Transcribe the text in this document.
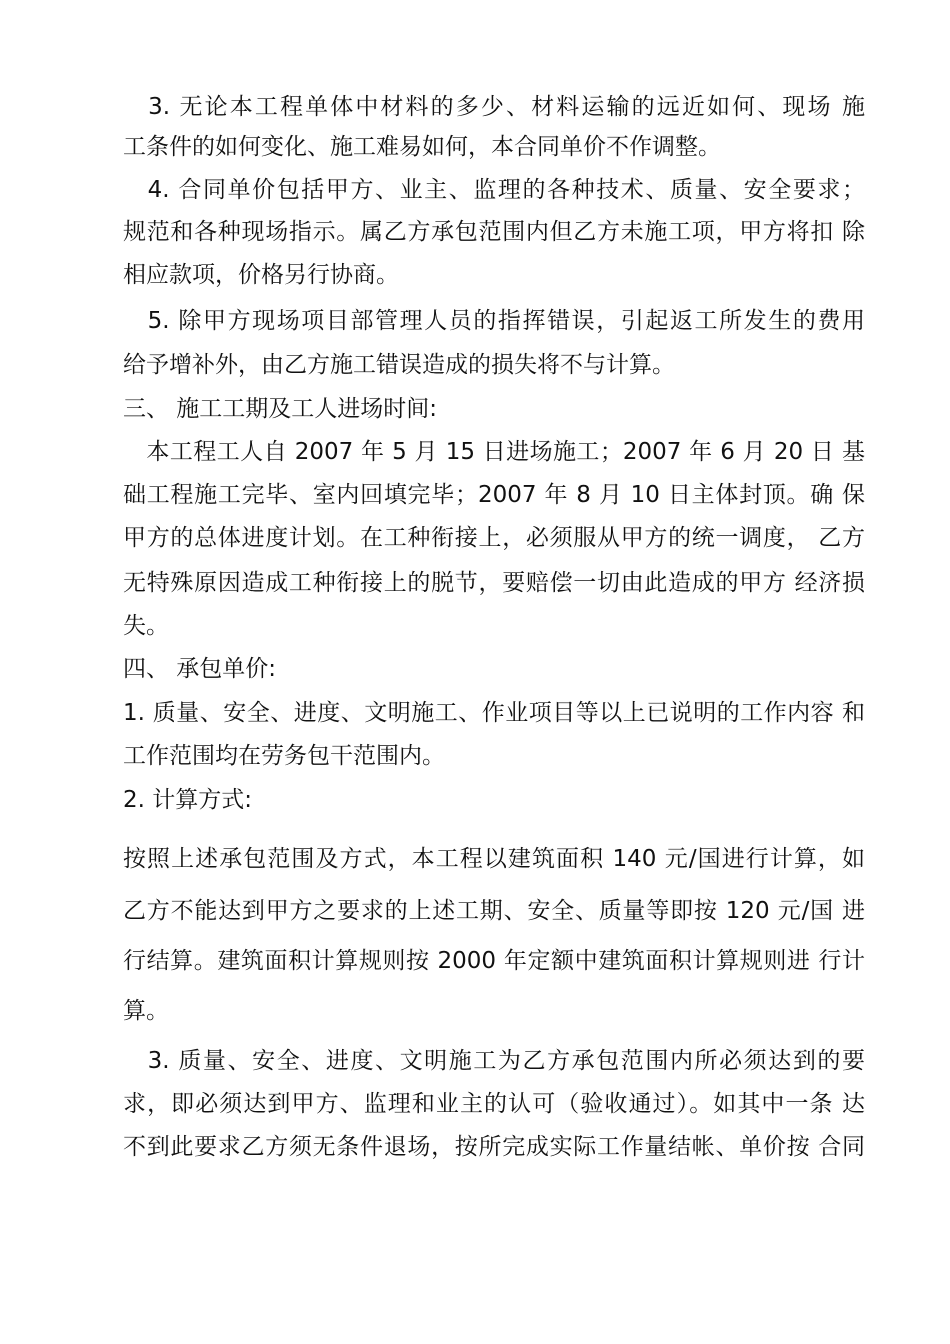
　3. 无论本工程单体中材料的多少、材料运输的远近如何、现场 施
工条件的如何变化、施工难易如何，本合同单价不作调整。
　4. 合同单价包括甲方、业主、监理的各种技术、质量、安全要求；
规范和各种现场指示。属乙方承包范围内但乙方未施工项，甲方将扣 除
相应款项，价格另行协商。
　5. 除甲方现场项目部管理人员的指挥错误，引起返工所发生的费用
给予增补外，由乙方施工错误造成的损失将不与计算。
三、 施工工期及工人进场时间:
　本工程工人自 2007 年 5 月 15 日进场施工；2007 年 6 月 20 日 基
础工程施工完毕、室内回填完毕；2007 年 8 月 10 日主体封顶。确 保
甲方的总体进度计划。在工种衔接上，必须服从甲方的统一调度， 乙方
无特殊原因造成工种衔接上的脱节，要赔偿一切由此造成的甲方 经济损
失。
四、 承包单价:
1. 质量、安全、进度、文明施工、作业项目等以上已说明的工作内容 和
工作范围均在劳务包干范围内。
2. 计算方式:
按照上述承包范围及方式，本工程以建筑面积 140 元/国进行计算，如
乙方不能达到甲方之要求的上述工期、安全、质量等即按 120 元/国 进
行结算。建筑面积计算规则按 2000 年定额中建筑面积计算规则进 行计
算。
　3. 质量、安全、进度、文明施工为乙方承包范围内所必须达到的要
求，即必须达到甲方、监理和业主的认可（验收通过）。如其中一条 达
不到此要求乙方须无条件退场，按所完成实际工作量结帐、单价按 合同
